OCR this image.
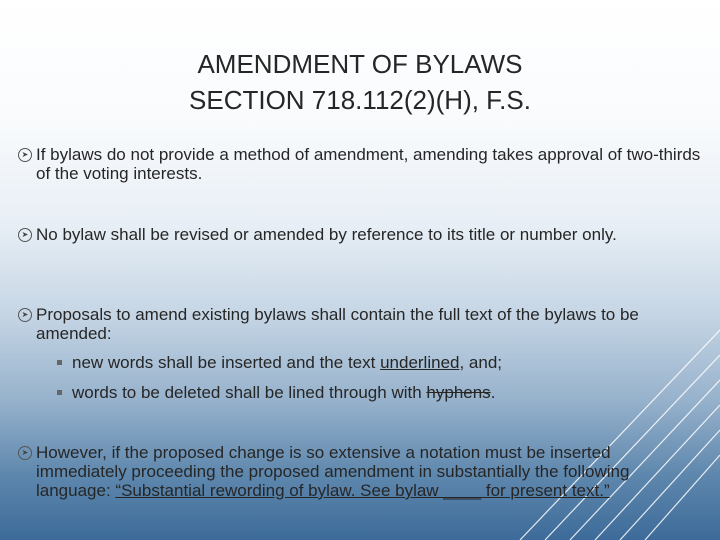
AMENDMENT OF BYLAWS
SECTION 718.112(2)(H), F.S.
➤ If bylaws do not provide a method of amendment, amending takes approval of two-thirds of the voting interests.
➤ No bylaw shall be revised or amended by reference to its title or number only.
➤ Proposals to amend existing bylaws shall contain the full text of the bylaws to be amended:
new words shall be inserted and the text underlined, and;
words to be deleted shall be lined through with hyphens.
➤ However, if the proposed change is so extensive a notation must be inserted immediately proceeding the proposed amendment in substantially the following language: “Substantial rewording of bylaw. See bylaw ____ for present text.”
